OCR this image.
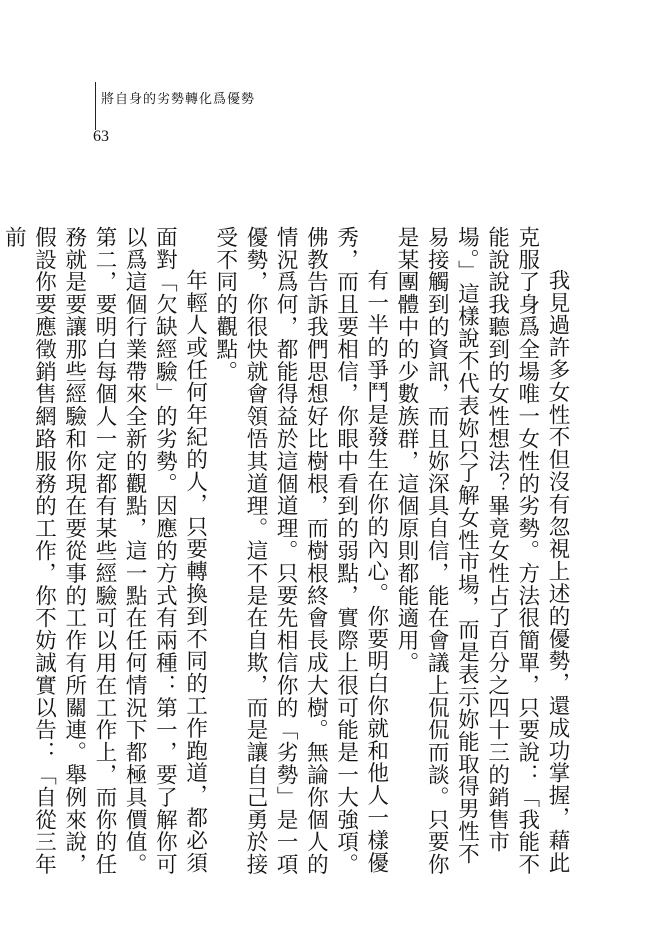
將自身的劣勢轉化爲優勢
63

我見過許多女性不但沒有忽視上述的優勢，還成功掌握，藉此克服了身爲全場唯一女性的劣勢。方法很簡單，只要說：「我能不能說說我聽到的女性想法？畢竟女性占了百分之四十三的銷售市場。」這樣說不代表妳只了解女性市場，而是表示妳能取得男性不易接觸到的資訊，而且妳深具自信，能在會議上侃侃而談。只要你是某團體中的少數族群，這個原則都能適用。

有一半的爭鬥是發生在你的內心。你要明白你就和他人一樣優秀，而且要相信，你眼中看到的弱點，實際上很可能是一大強項。佛教告訴我們思想好比樹根，而樹根終會長成大樹。無論你個人的情況爲何，都能得益於這個道理。只要先相信你的「劣勢」是一項優勢，你很快就會領悟其道理。這不是在自欺，而是讓自己勇於接受不同的觀點。

年輕人或任何年紀的人，只要轉換到不同的工作跑道，都必須面對「欠缺經驗」的劣勢。因應的方式有兩種：第一，要了解你可以爲這個行業帶來全新的觀點，這一點在任何情況下都極具價值。第二，要明白每個人一定都有某些經驗可以用在工作上，而你的任務就是要讓那些經驗和你現在要從事的工作有所關連。舉例來說，假設你要應徵銷售網路服務的工作，你不妨誠實以告：「自從三年前
